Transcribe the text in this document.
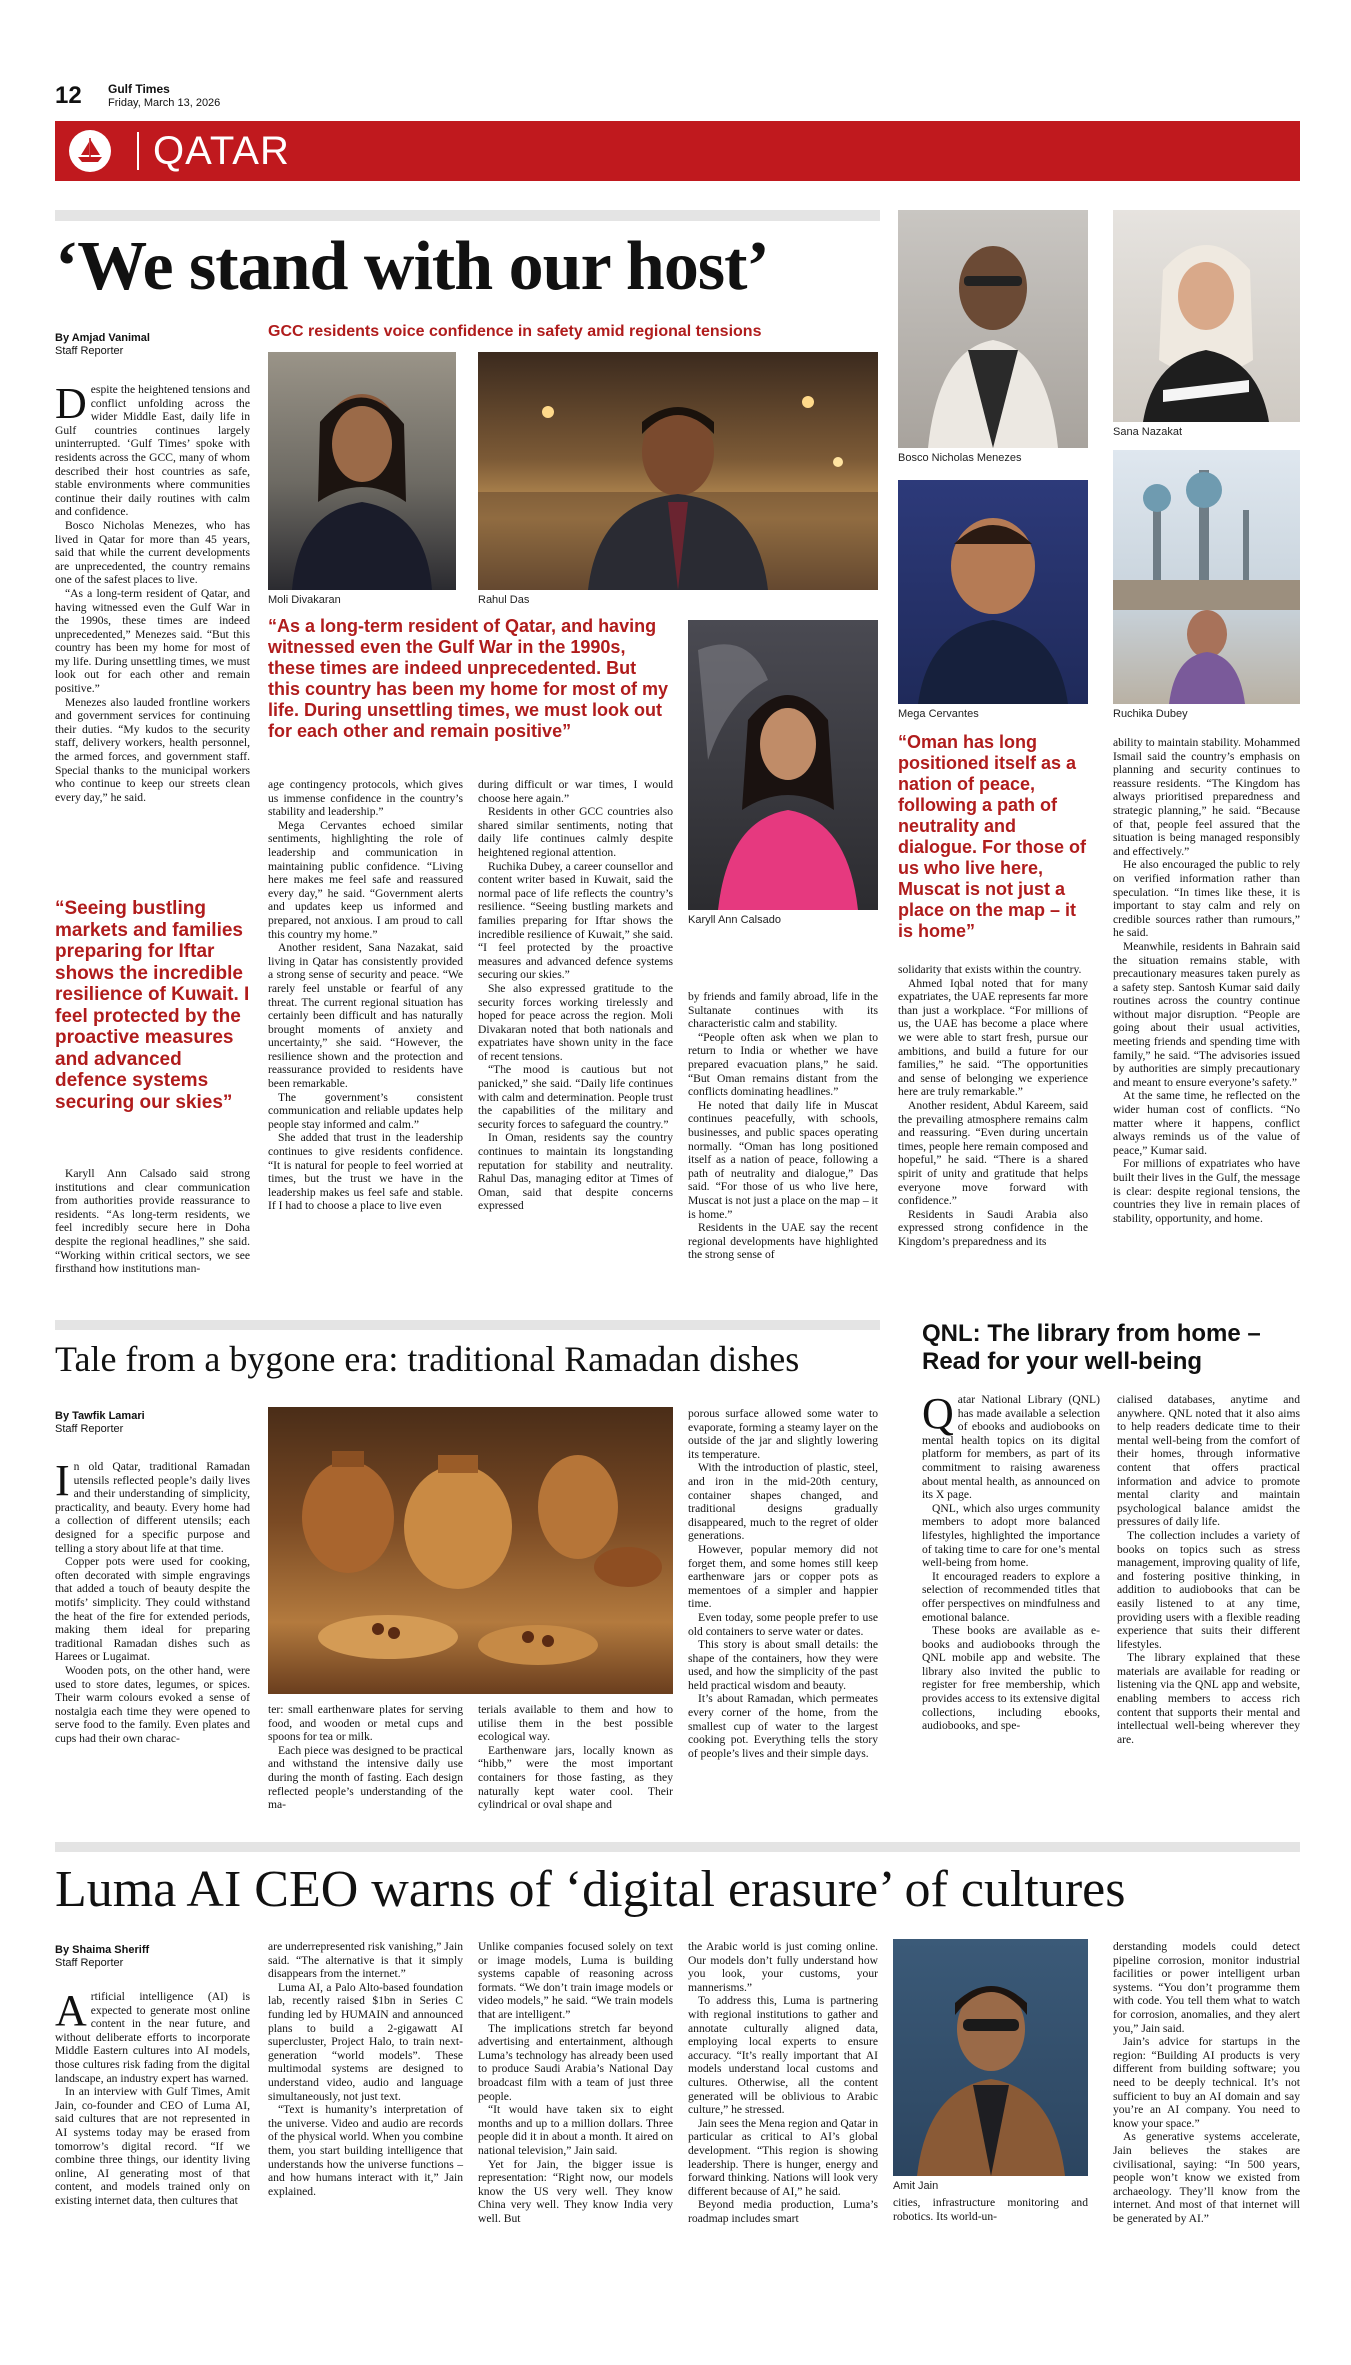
12 Gulf Times
Friday, March 13, 2026
QATAR
‘We stand with our host’
By Amjad Vanimal
Staff Reporter
GCC residents voice confidence in safety amid regional tensions
Moli Divakaran	Rahul Das
Bosco Nicholas Menezes
Sana Nazakat
Mega Cervantes	Ruchika Dubey
Karyll Ann Calsado
“As a long-term resident of Qatar, and having witnessed even the Gulf War in the 1990s, these times are indeed unprecedented. But this country has been my home for most of my life. During unsettling times, we must look out for each other and remain positive”
“Seeing bustling markets and families preparing for Iftar shows the incredible resilience of Kuwait. I feel protected by the proactive measures and advanced defence systems securing our skies”
“Oman has long positioned itself as a nation of peace, following a path of neutrality and dialogue. For those of us who live here, Muscat is not just a place on the map – it is home”

Despite the heightened tensions and conflict unfolding across the wider Middle East, daily life in Gulf countries continues largely uninterrupted. ‘Gulf Times’ spoke with residents across the GCC, many of whom described their host countries as safe, stable environments where communities continue their daily routines with calm and confidence.

Bosco Nicholas Menezes, who has lived in Qatar for more than 45 years, said that while the current developments are unprecedented, the country remains one of the safest places to live.

“As a long-term resident of Qatar, and having witnessed even the Gulf War in the 1990s, these times are indeed unprecedented,” Menezes said. “But this country has been my home for most of my life. During unsettling times, we must look out for each other and remain positive.”

Menezes also lauded frontline workers and government services for continuing their duties. “My kudos to the security staff, delivery workers, health personnel, the armed forces, and government staff. Special thanks to the municipal workers who continue to keep our streets clean every day,” he said.

Karyll Ann Calsado said strong institutions and clear communication from authorities provide reassurance to residents. “As long-term residents, we feel incredibly secure here in Doha despite the regional headlines,” she said. “Working within critical sectors, we see firsthand how institutions man-

age contingency protocols, which gives us immense confidence in the country’s stability and leadership.”

Mega Cervantes echoed similar sentiments, highlighting the role of leadership and communication in maintaining public confidence. “Living here makes me feel safe and reassured every day,” he said. “Government alerts and updates keep us informed and prepared, not anxious. I am proud to call this country my home.”

Another resident, Sana Nazakat, said living in Qatar has consistently provided a strong sense of security and peace. “We rarely feel unstable or fearful of any threat. The current regional situation has certainly been difficult and has naturally brought moments of anxiety and uncertainty,” she said. “However, the resilience shown and the protection and reassurance provided to residents have been remarkable.

The government’s consistent communication and reliable updates help people stay informed and calm.”

She added that trust in the leadership continues to give residents confidence. “It is natural for people to feel worried at times, but the trust we have in the leadership makes us feel safe and stable. If I had to choose a place to live even

during difficult or war times, I would choose here again.”

Residents in other GCC countries also shared similar sentiments, noting that daily life continues calmly despite heightened regional attention.

Ruchika Dubey, a career counsellor and content writer based in Kuwait, said the normal pace of life reflects the country’s resilience. “Seeing bustling markets and families preparing for Iftar shows the incredible resilience of Kuwait,” she said. “I feel protected by the proactive measures and advanced defence systems securing our skies.”

She also expressed gratitude to the security forces working tirelessly and hoped for peace across the region. Moli Divakaran noted that both nationals and expatriates have shown unity in the face of recent tensions.

“The mood is cautious but not panicked,” she said. “Daily life continues with calm and determination. People trust the capabilities of the military and security forces to safeguard the country.”

In Oman, residents say the country continues to maintain its longstanding reputation for stability and neutrality. Rahul Das, managing editor at Times of Oman, said that despite concerns expressed

by friends and family abroad, life in the Sultanate continues with its characteristic calm and stability.

“People often ask when we plan to return to India or whether we have prepared evacuation plans,” he said. “But Oman remains distant from the conflicts dominating headlines.”

He noted that daily life in Muscat continues peacefully, with schools, businesses, and public spaces operating normally. “Oman has long positioned itself as a nation of peace, following a path of neutrality and dialogue,” Das said. “For those of us who live here, Muscat is not just a place on the map – it is home.”

Residents in the UAE say the recent regional developments have highlighted the strong sense of

solidarity that exists within the country.

Ahmed Iqbal noted that for many expatriates, the UAE represents far more than just a workplace. “For millions of us, the UAE has become a place where we were able to start fresh, pursue our ambitions, and build a future for our families,” he said. “The opportunities and sense of belonging we experience here are truly remarkable.”

Another resident, Abdul Kareem, said the prevailing atmosphere remains calm and reassuring. “Even during uncertain times, people here remain composed and hopeful,” he said. “There is a shared spirit of unity and gratitude that helps everyone move forward with confidence.”

Residents in Saudi Arabia also expressed strong confidence in the Kingdom’s preparedness and its

ability to maintain stability. Mohammed Ismail said the country’s emphasis on planning and security continues to reassure residents. “The Kingdom has always prioritised preparedness and strategic planning,” he said. “Because of that, people feel assured that the situation is being managed responsibly and effectively.”

He also encouraged the public to rely on verified information rather than speculation. “In times like these, it is important to stay calm and rely on credible sources rather than rumours,” he said.

Meanwhile, residents in Bahrain said the situation remains stable, with precautionary measures taken purely as a safety step. Santosh Kumar said daily routines across the country continue without major disruption. “People are going about their usual activities, meeting friends and spending time with family,” he said. “The advisories issued by authorities are simply precautionary and meant to ensure everyone’s safety.”

At the same time, he reflected on the wider human cost of conflicts. “No matter where it happens, conflict always reminds us of the value of peace,” Kumar said.

For millions of expatriates who have built their lives in the Gulf, the message is clear: despite regional tensions, the countries they live in remain places of stability, opportunity, and home.

Tale from a bygone era: traditional Ramadan dishes
By Tawfik Lamari
Staff Reporter

In old Qatar, traditional Ramadan utensils reflected people’s daily lives and their understanding of simplicity, practicality, and beauty. Every home had a collection of different utensils; each designed for a specific purpose and telling a story about life at that time.

Copper pots were used for cooking, often decorated with simple engravings that added a touch of beauty despite the motifs’ simplicity. They could withstand the heat of the fire for extended periods, making them ideal for preparing traditional Ramadan dishes such as Harees or Lugaimat.

Wooden pots, on the other hand, were used to store dates, legumes, or spices. Their warm colours evoked a sense of nostalgia each time they were opened to serve food to the family. Even plates and cups had their own charac-

ter: small earthenware plates for serving food, and wooden or metal cups and spoons for tea or milk.

Each piece was designed to be practical and withstand the intensive daily use during the month of fasting. Each design reflected people’s understanding of the ma-

terials available to them and how to utilise them in the best possible ecological way.

Earthenware jars, locally known as “hibb,” were the most important containers for those fasting, as they naturally kept water cool. Their cylindrical or oval shape and

porous surface allowed some water to evaporate, forming a steamy layer on the outside of the jar and slightly lowering its temperature.

With the introduction of plastic, steel, and iron in the mid-20th century, container shapes changed, and traditional designs gradually disappeared, much to the regret of older generations.

However, popular memory did not forget them, and some homes still keep earthenware jars or copper pots as mementoes of a simpler and happier time.

Even today, some people prefer to use old containers to serve water or dates.

This story is about small details: the shape of the containers, how they were used, and how the simplicity of the past held practical wisdom and beauty.

It’s about Ramadan, which permeates every corner of the home, from the smallest cup of water to the largest cooking pot. Everything tells the story of people’s lives and their simple days.

QNL: The library from home – Read for your well-being

Qatar National Library (QNL) has made available a selection of ebooks and audiobooks on mental health topics on its digital platform for members, as part of its commitment to raising awareness about mental health, as announced on its X page.

QNL, which also urges community members to adopt more balanced lifestyles, highlighted the importance of taking time to care for one’s mental well-being from home.

It encouraged readers to explore a selection of recommended titles that offer perspectives on mindfulness and emotional balance.

These books are available as e-books and audiobooks through the QNL mobile app and website. The library also invited the public to register for free membership, which provides access to its extensive digital collections, including ebooks, audiobooks, and spe-

cialised databases, anytime and anywhere. QNL noted that it also aims to help readers dedicate time to their mental well-being from the comfort of their homes, through informative content that offers practical information and advice to promote mental clarity and maintain psychological balance amidst the pressures of daily life.

The collection includes a variety of books on topics such as stress management, improving quality of life, and fostering positive thinking, in addition to audiobooks that can be easily listened to at any time, providing users with a flexible reading experience that suits their different lifestyles.

The library explained that these materials are available for reading or listening via the QNL app and website, enabling members to access rich content that supports their mental and intellectual well-being wherever they are.

Luma AI CEO warns of ‘digital erasure’ of cultures
By Shaima Sheriff
Staff Reporter
Amit Jain

Artificial intelligence (AI) is expected to generate most online content in the near future, and without deliberate efforts to incorporate Middle Eastern cultures into AI models, those cultures risk fading from the digital landscape, an industry expert has warned.

In an interview with Gulf Times, Amit Jain, co-founder and CEO of Luma AI, said cultures that are not represented in AI systems today may be erased from tomorrow’s digital record. “If we combine three things, our identity living online, AI generating most of that content, and models trained only on existing internet data, then cultures that

are underrepresented risk vanishing,” Jain said. “The alternative is that it simply disappears from the internet.”

Luma AI, a Palo Alto-based foundation lab, recently raised $1bn in Series C funding led by HUMAIN and announced plans to build a 2-gigawatt AI supercluster, Project Halo, to train next-generation “world models”. These multimodal systems are designed to understand video, audio and language simultaneously, not just text.

“Text is humanity’s interpretation of the universe. Video and audio are records of the physical world. When you combine them, you start building intelligence that understands how the universe functions – and how humans interact with it,” Jain explained.

Unlike companies focused solely on text or image models, Luma is building systems capable of reasoning across formats. “We don’t train image models or video models,” he said. “We train models that are intelligent.”

The implications stretch far beyond advertising and entertainment, although Luma’s technology has already been used to produce Saudi Arabia’s National Day broadcast film with a team of just three people.

“It would have taken six to eight months and up to a million dollars. Three people did it in about a month. It aired on national television,” Jain said.

Yet for Jain, the bigger issue is representation: “Right now, our models know the US very well. They know China very well. They know India very well. But

the Arabic world is just coming online. Our models don’t fully understand how you look, your customs, your mannerisms.”

To address this, Luma is partnering with regional institutions to gather and annotate culturally aligned data, employing local experts to ensure accuracy. “It’s really important that AI models understand local customs and cultures. Otherwise, all the content generated will be oblivious to Arabic culture,” he stressed.

Jain sees the Mena region and Qatar in particular as critical to AI’s global development. “This region is showing leadership. There is hunger, energy and forward thinking. Nations will look very different because of AI,” he said.

Beyond media production, Luma’s roadmap includes smart

cities, infrastructure monitoring and robotics. Its world-un-

derstanding models could detect pipeline corrosion, monitor industrial facilities or power intelligent urban systems. “You don’t programme them with code. You tell them what to watch for corrosion, anomalies, and they alert you,” Jain said.

Jain’s advice for startups in the region: “Building AI products is very different from building software; you need to be deeply technical. It’s not sufficient to buy an AI domain and say you’re an AI company. You need to know your space.”

As generative systems accelerate, Jain believes the stakes are civilisational, saying: “In 500 years, people won’t know we existed from archaeology. They’ll know from the internet. And most of that internet will be generated by AI.”
